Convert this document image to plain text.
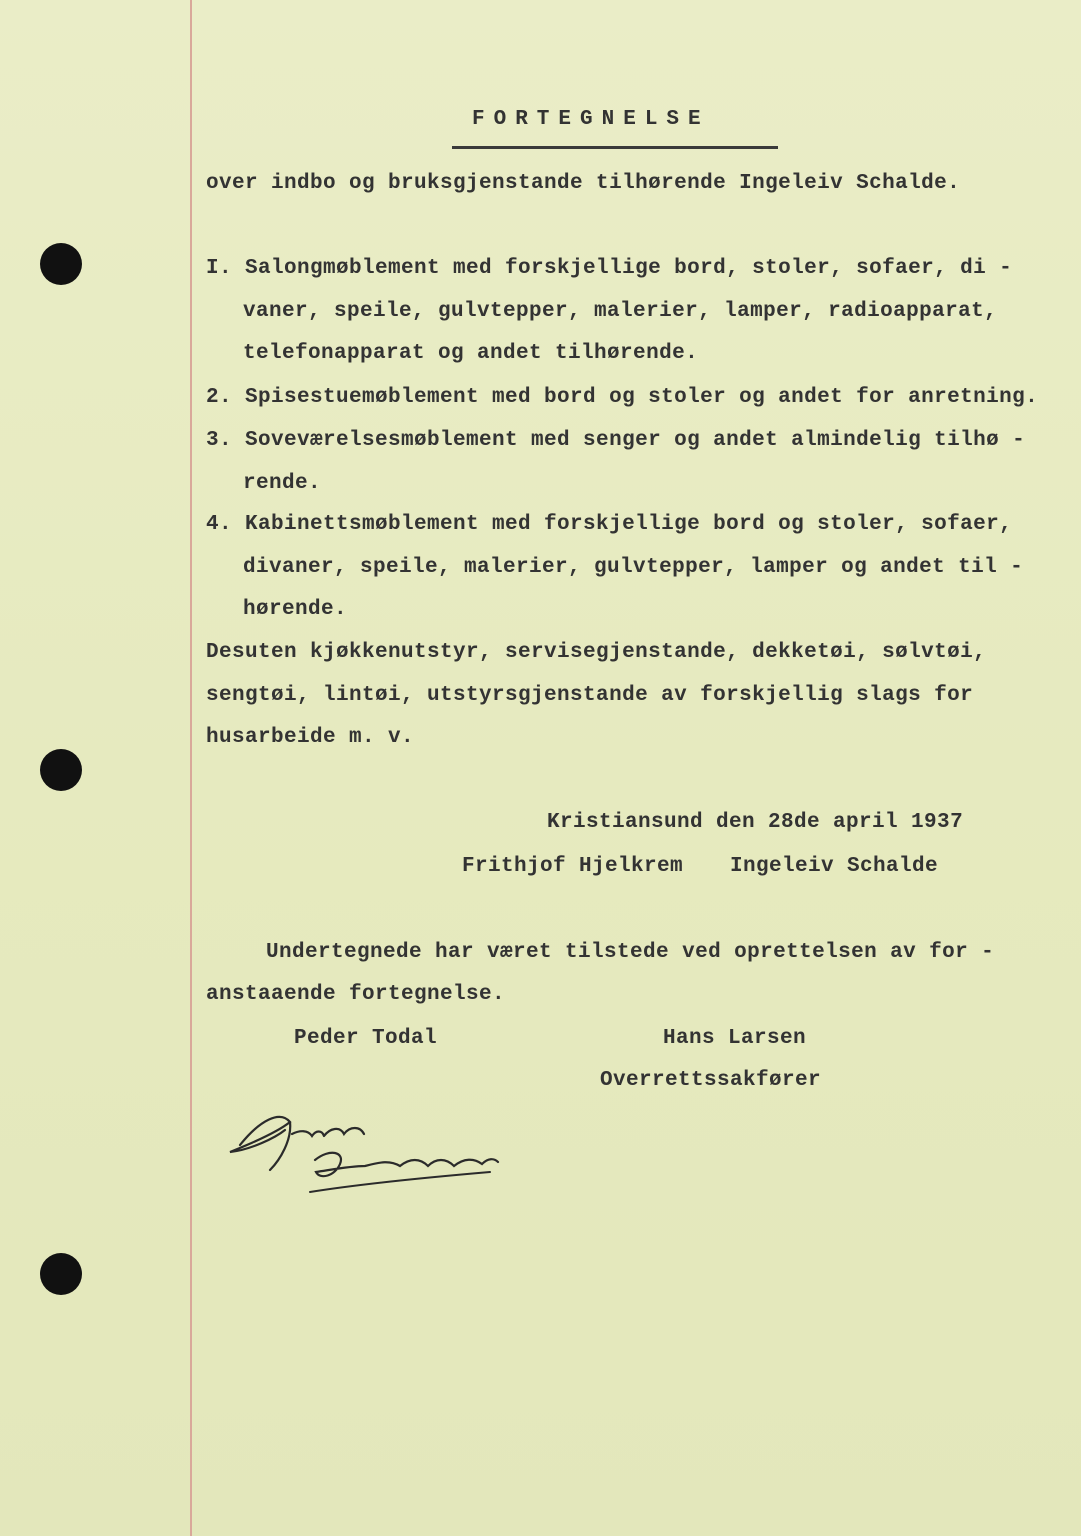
FORTEGNELSE
over indbo og bruksgjenstande tilhørende Ingeleiv Schalde.
I. Salongmøblement med forskjellige bord, stoler, sofaer, di -
vaner, speile, gulvtepper, malerier, lamper, radioapparat,
telefonapparat og andet tilhørende.
2. Spisestuemøblement med bord og stoler og andet for anretning.
3. Soveværelsesmøblement med senger og andet almindelig tilhø -
rende.
4. Kabinettsmøblement med forskjellige bord og stoler, sofaer,
divaner, speile, malerier, gulvtepper, lamper og andet til -
hørende.
Desuten kjøkkenutstyr, servisegjenstande, dekketøi, sølvtøi,
sengtøi, lintøi, utstyrsgjenstande av forskjellig slags for
husarbeide m. v.
Kristiansund den 28de april 1937
Frithjof Hjelkrem Ingeleiv Schalde
Undertegnede har været tilstede ved oprettelsen av for -
anstaaende fortegnelse.
Peder Todal	Hans Larsen
Overrettssakfører
